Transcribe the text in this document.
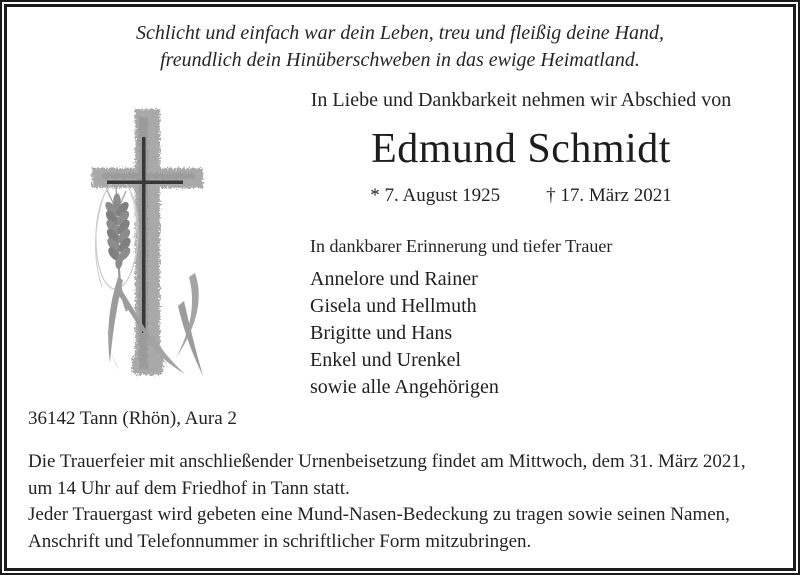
Schlicht und einfach war dein Leben, treu und fleißig deine Hand,
freundlich dein Hinüberschweben in das ewige Heimatland.
In Liebe und Dankbarkeit nehmen wir Abschied von
Edmund Schmidt
* 7. August 1925 † 17. März 2021
In dankbarer Erinnerung und tiefer Trauer
Annelore und Rainer
Gisela und Hellmuth
Brigitte und Hans
Enkel und Urenkel
sowie alle Angehörigen
36142 Tann (Rhön), Aura 2
Die Trauerfeier mit anschließender Urnenbeisetzung findet am Mittwoch, dem 31. März 2021,
um 14 Uhr auf dem Friedhof in Tann statt.
Jeder Trauergast wird gebeten eine Mund-Nasen-Bedeckung zu tragen sowie seinen Namen,
Anschrift und Telefonnummer in schriftlicher Form mitzubringen.
